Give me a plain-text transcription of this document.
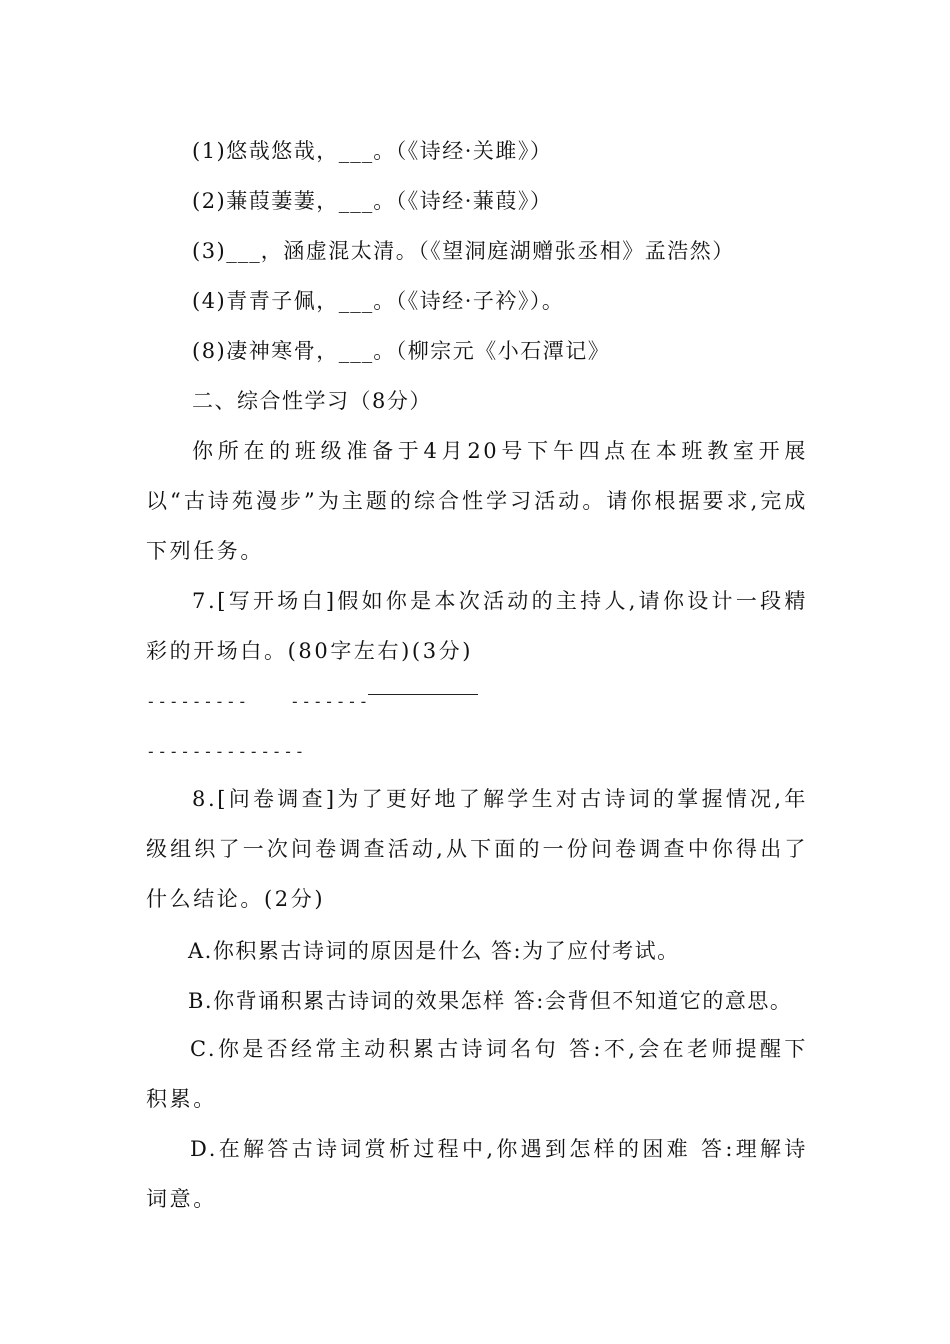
(1)悠哉悠哉，___。（《诗经·关雎》）
(2)蒹葭萋萋，___。（《诗经·蒹葭》）
(3)___，涵虚混太清。（《望洞庭湖赠张丞相》孟浩然）
(4)青青子佩，___。（《诗经·子衿》）。
(8)凄神寒骨，___。（柳宗元《小石潭记》
二、综合性学习（8分）
你所在的班级准备于4月20号下午四点在本班教室开展以“古诗苑漫步”为主题的综合性学习活动。请你根据要求,完成下列任务。
7.[写开场白]假如你是本次活动的主持人,请你设计一段精彩的开场白。(80字左右)(3分)
---------	-------
--------------
8.[问卷调查]为了更好地了解学生对古诗词的掌握情况,年级组织了一次问卷调查活动,从下面的一份问卷调查中你得出了什么结论。(2分)
A.你积累古诗词的原因是什么 答:为了应付考试。
B.你背诵积累古诗词的效果怎样 答:会背但不知道它的意思。
C.你是否经常主动积累古诗词名句 答:不,会在老师提醒下积累。
D.在解答古诗词赏析过程中,你遇到怎样的困难 答:理解诗词意。
